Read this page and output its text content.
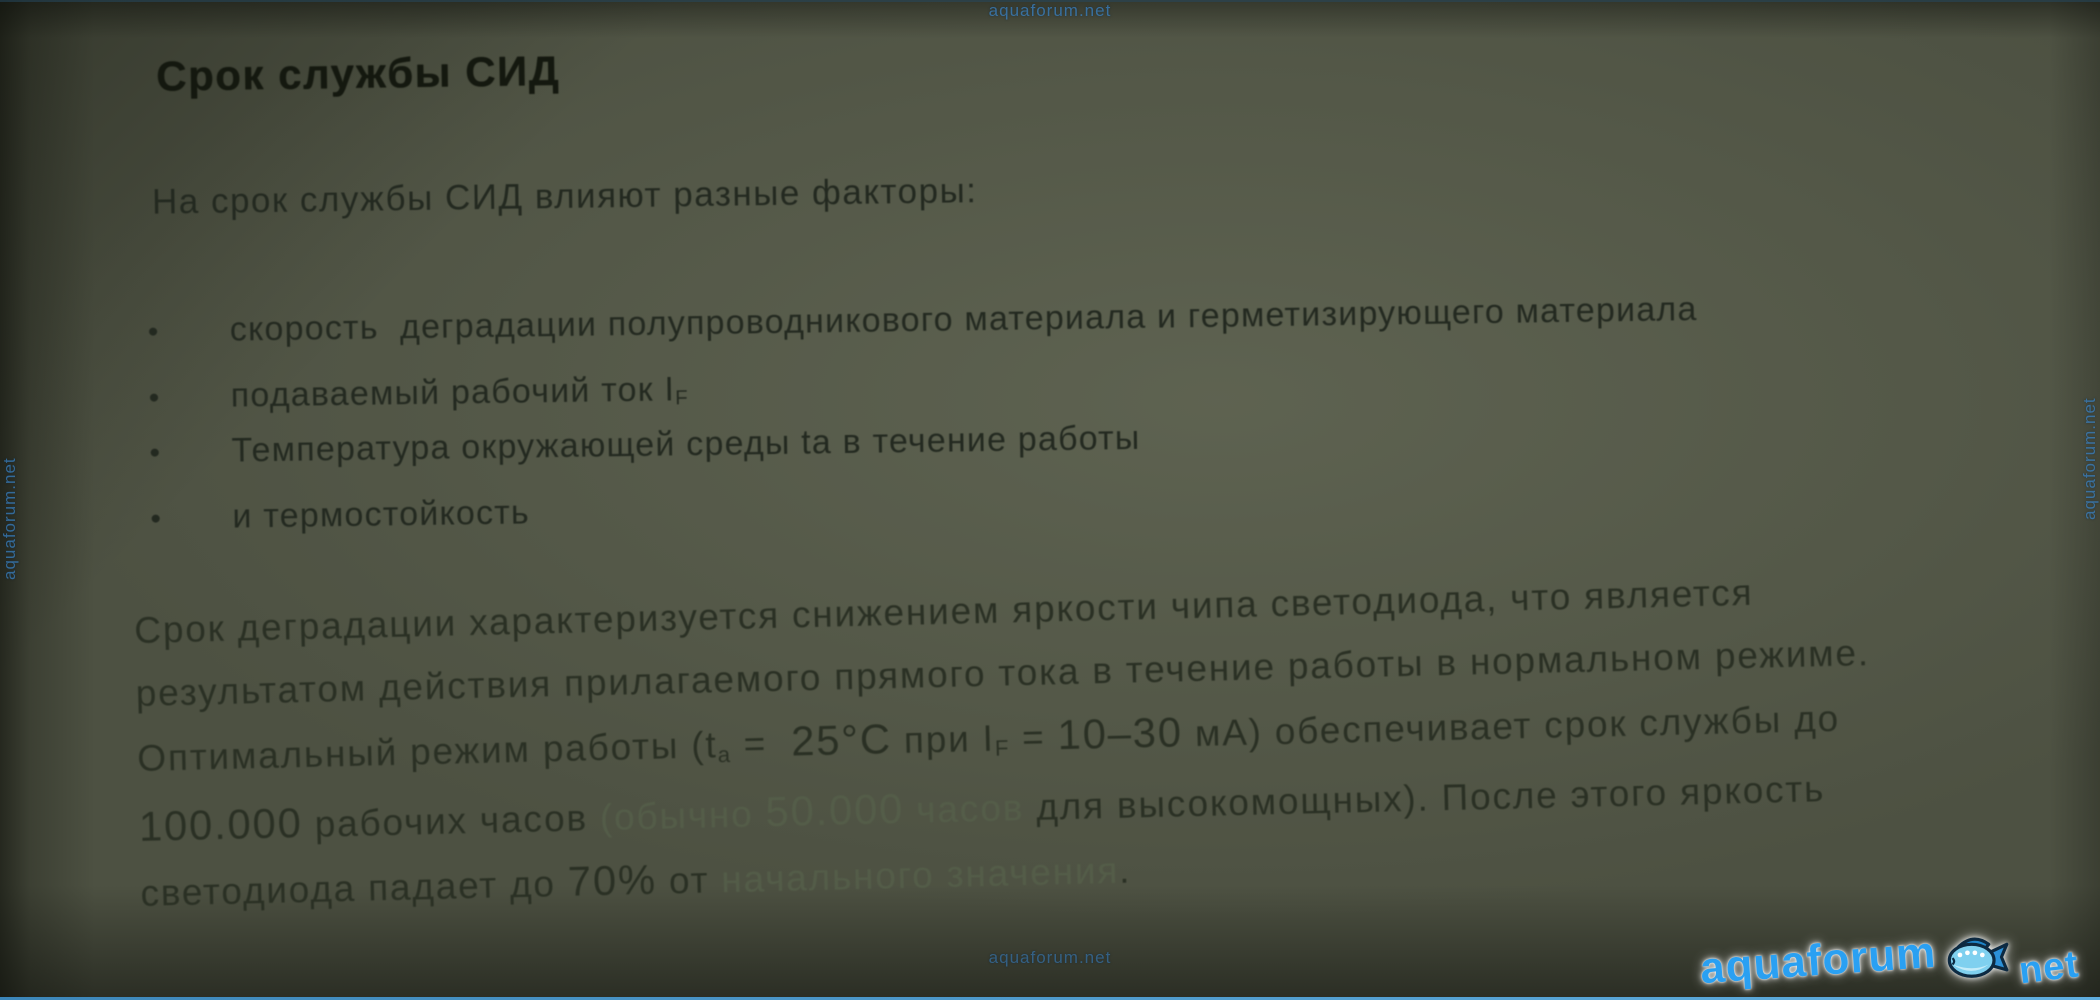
aquaforum.net
aquaforum.net	aquaforum.net
aquaforum.net
Срок службы СИД

На срок службы СИД влияют разные факторы:

•	скорость  деградации полупроводникового материала и герметизирующего материала
•	подаваемый рабочий ток IF
•	Температура окружающей среды ta в течение работы
•	и термостойкость
Срок деградации характеризуется снижением яркости чипа светодиода, что является
результатом действия прилагаемого прямого тока в течение работы в нормальном режиме.
Оптимальный режим работы (ta =  25°C при IF = 10–30 мА) обеспечивает срок службы до
100.000 рабочих часов (обычно 50.000 часов для высокомощных). После этого яркость
светодиода падает до 70% от начального значения.
aquaforum net
